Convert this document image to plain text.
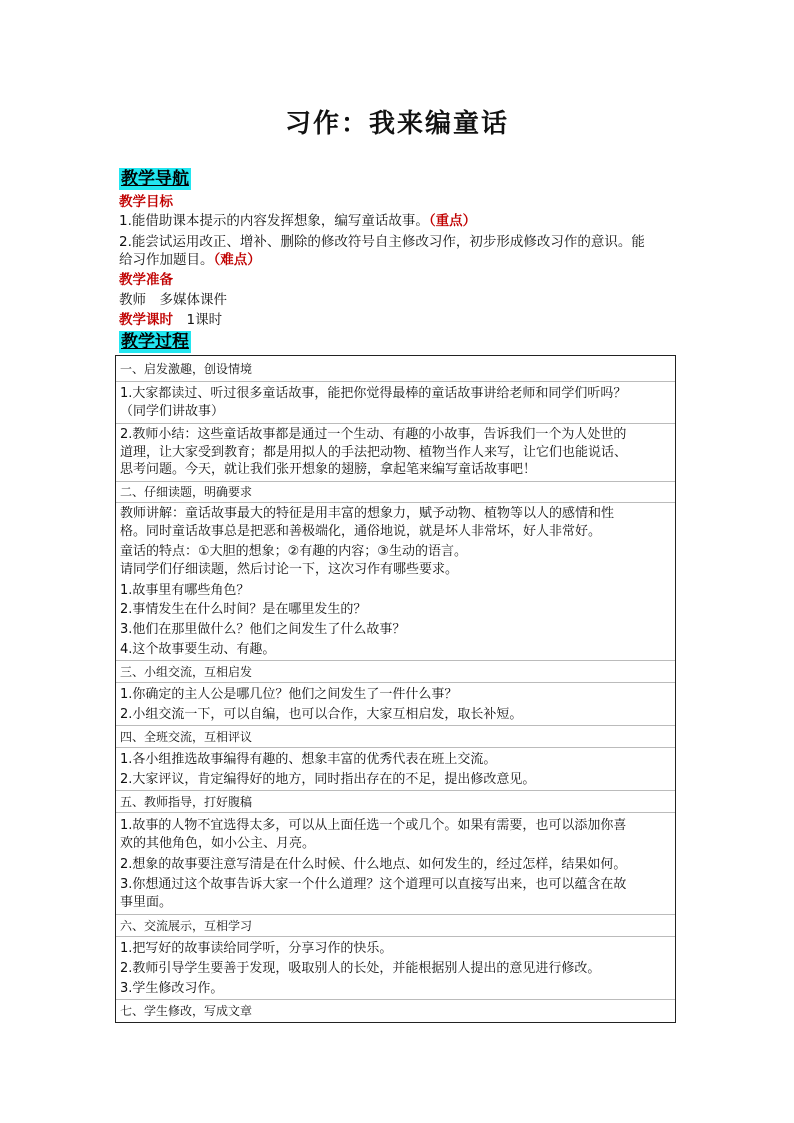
习作：我来编童话
教学导航
教学目标
1.能借助课本提示的内容发挥想象，编写童话故事。（重点）
2.能尝试运用改正、增补、删除的修改符号自主修改习作，初步形成修改习作的意识。能
给习作加题目。（难点）
教学准备
教师　多媒体课件
教学课时　1课时
教学过程
一、启发激趣，创设情境
1.大家都读过、听过很多童话故事，能把你觉得最棒的童话故事讲给老师和同学们听吗？
（同学们讲故事）
2.教师小结：这些童话故事都是通过一个生动、有趣的小故事，告诉我们一个为人处世的
道理，让大家受到教育；都是用拟人的手法把动物、植物当作人来写，让它们也能说话、
思考问题。今天，就让我们张开想象的翅膀，拿起笔来编写童话故事吧！
二、仔细读题，明确要求
教师讲解：童话故事最大的特征是用丰富的想象力，赋予动物、植物等以人的感情和性
格。同时童话故事总是把恶和善极端化，通俗地说，就是坏人非常坏，好人非常好。
童话的特点：①大胆的想象；②有趣的内容；③生动的语言。
请同学们仔细读题，然后讨论一下，这次习作有哪些要求。
1.故事里有哪些角色？
2.事情发生在什么时间？是在哪里发生的？
3.他们在那里做什么？他们之间发生了什么故事？
4.这个故事要生动、有趣。
三、小组交流，互相启发
1.你确定的主人公是哪几位？他们之间发生了一件什么事？
2.小组交流一下，可以自编，也可以合作，大家互相启发，取长补短。
四、全班交流，互相评议
1.各小组推选故事编得有趣的、想象丰富的优秀代表在班上交流。
2.大家评议，肯定编得好的地方，同时指出存在的不足，提出修改意见。
五、教师指导，打好腹稿
1.故事的人物不宜选得太多，可以从上面任选一个或几个。如果有需要，也可以添加你喜
欢的其他角色，如小公主、月亮。
2.想象的故事要注意写清是在什么时候、什么地点、如何发生的，经过怎样，结果如何。
3.你想通过这个故事告诉大家一个什么道理？这个道理可以直接写出来，也可以蕴含在故
事里面。
六、交流展示，互相学习
1.把写好的故事读给同学听，分享习作的快乐。
2.教师引导学生要善于发现，吸取别人的长处，并能根据别人提出的意见进行修改。
3.学生修改习作。
七、学生修改，写成文章
